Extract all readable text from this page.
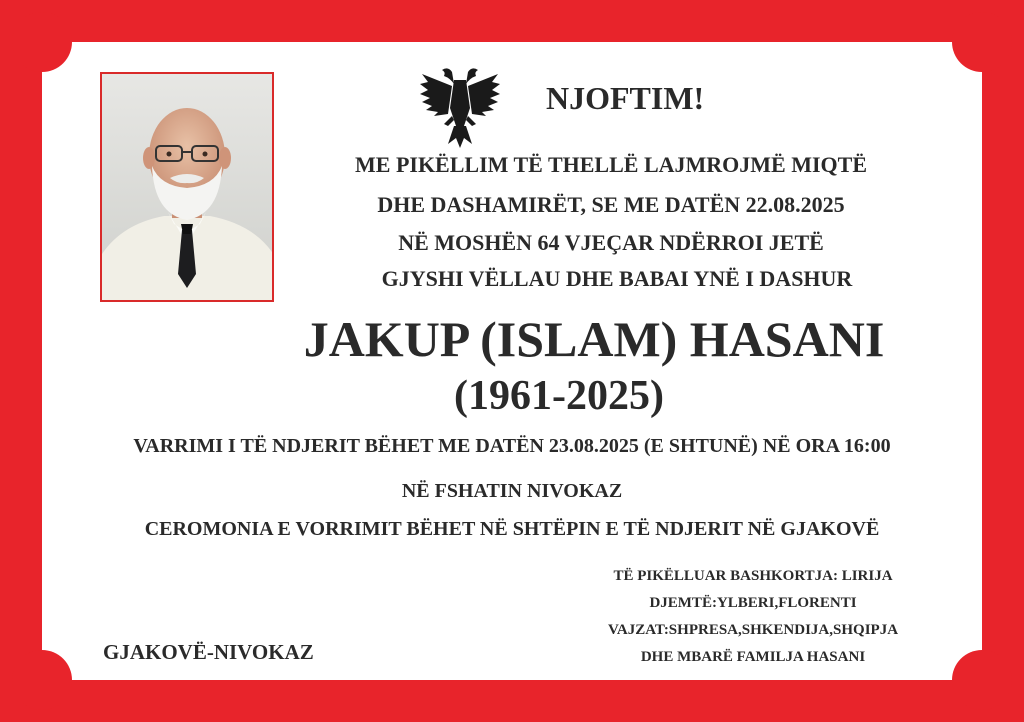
NJOFTIM!
ME PIKËLLIM TË THELLË LAJMROJMË MIQTË
DHE DASHAMIRËT, SE ME DATËN 22.08.2025
NË MOSHËN 64 VJEÇAR NDËRROI JETË
GJYSHI VËLLAU DHE BABAI YNË I DASHUR
JAKUP (ISLAM) HASANI
(1961-2025)
VARRIMI I TË NDJERIT BËHET ME DATËN 23.08.2025 (E SHTUNË) NË ORA 16:00
NË FSHATIN NIVOKAZ
CEROMONIA E VORRIMIT BËHET NË SHTËPIN E TË NDJERIT NË GJAKOVË
TË PIKËLLUAR BASHKORTJA: LIRIJA
DJEMTË:YLBERI,FLORENTI
VAJZAT:SHPRESA,SHKENDIJA,SHQIPJA
DHE MBARË FAMILJA HASANI
GJAKOVË-NIVOKAZ
